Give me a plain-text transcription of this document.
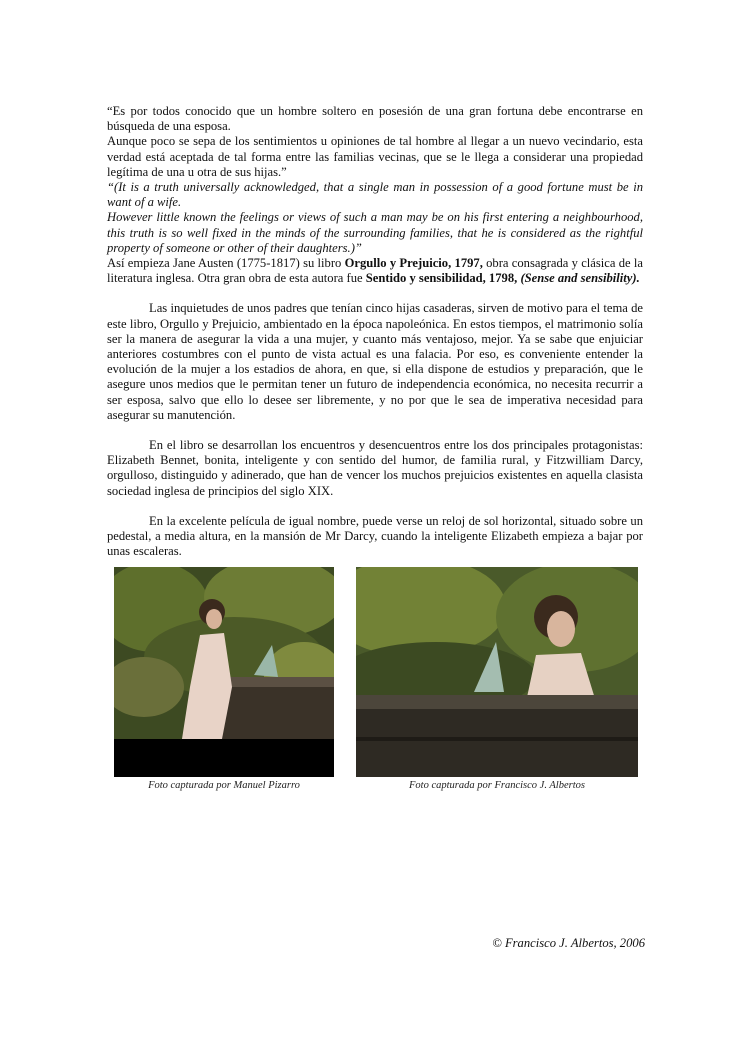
“Es por todos conocido que un hombre soltero en posesión de una gran fortuna debe encontrarse en búsqueda de una esposa.

Aunque poco se sepa de los sentimientos u opiniones de tal hombre al llegar a un nuevo vecindario, esta verdad está aceptada de tal forma entre las familias vecinas, que se le llega a considerar una propiedad legítima de una u otra de sus hijas.”

“(It is a truth universally acknowledged, that a single man in possession of a good fortune must be in want of a wife.

However little known the feelings or views of such a man may be on his first entering a neighbourhood, this truth is so well fixed in the minds of the surrounding families, that he is considered as the rightful property of someone or other of their daughters.)”

Así empieza Jane Austen (1775-1817) su libro Orgullo y Prejuicio, 1797, obra consagrada y clásica de la literatura inglesa. Otra gran obra de esta autora fue Sentido y sensibilidad, 1798, (Sense and sensibility).

Las inquietudes de unos padres que tenían cinco hijas casaderas, sirven de motivo para el tema de este libro, Orgullo y Prejuicio, ambientado en la época napoleónica. En estos tiempos, el matrimonio solía ser la manera de asegurar la vida a una mujer, y cuanto más ventajoso, mejor. Ya se sabe que enjuiciar anteriores costumbres con el punto de vista actual es una falacia. Por eso, es conveniente entender la evolución de la mujer a los estadios de ahora, en que, si ella dispone de estudios y preparación, que le asegure unos medios que le permitan tener un futuro de independencia económica, no necesita recurrir a ser esposa, salvo que ello lo desee ser libremente, y no por que le sea de imperativa necesidad para asegurar su manutención.

En el libro se desarrollan los encuentros y desencuentros entre los dos principales protagonistas: Elizabeth Bennet, bonita, inteligente y con sentido del humor, de familia rural, y Fitzwilliam Darcy, orgulloso, distinguido y adinerado, que han de vencer los muchos prejuicios existentes en aquella clasista sociedad inglesa de principios del siglo XIX.

En la excelente película de igual nombre, puede verse un reloj de sol horizontal, situado sobre un pedestal, a media altura, en la mansión de Mr Darcy, cuando la inteligente Elizabeth empieza a bajar por unas escaleras.

Foto capturada por Manuel Pizarro	Foto capturada por Francisco J. Albertos
© Francisco J. Albertos, 2006
